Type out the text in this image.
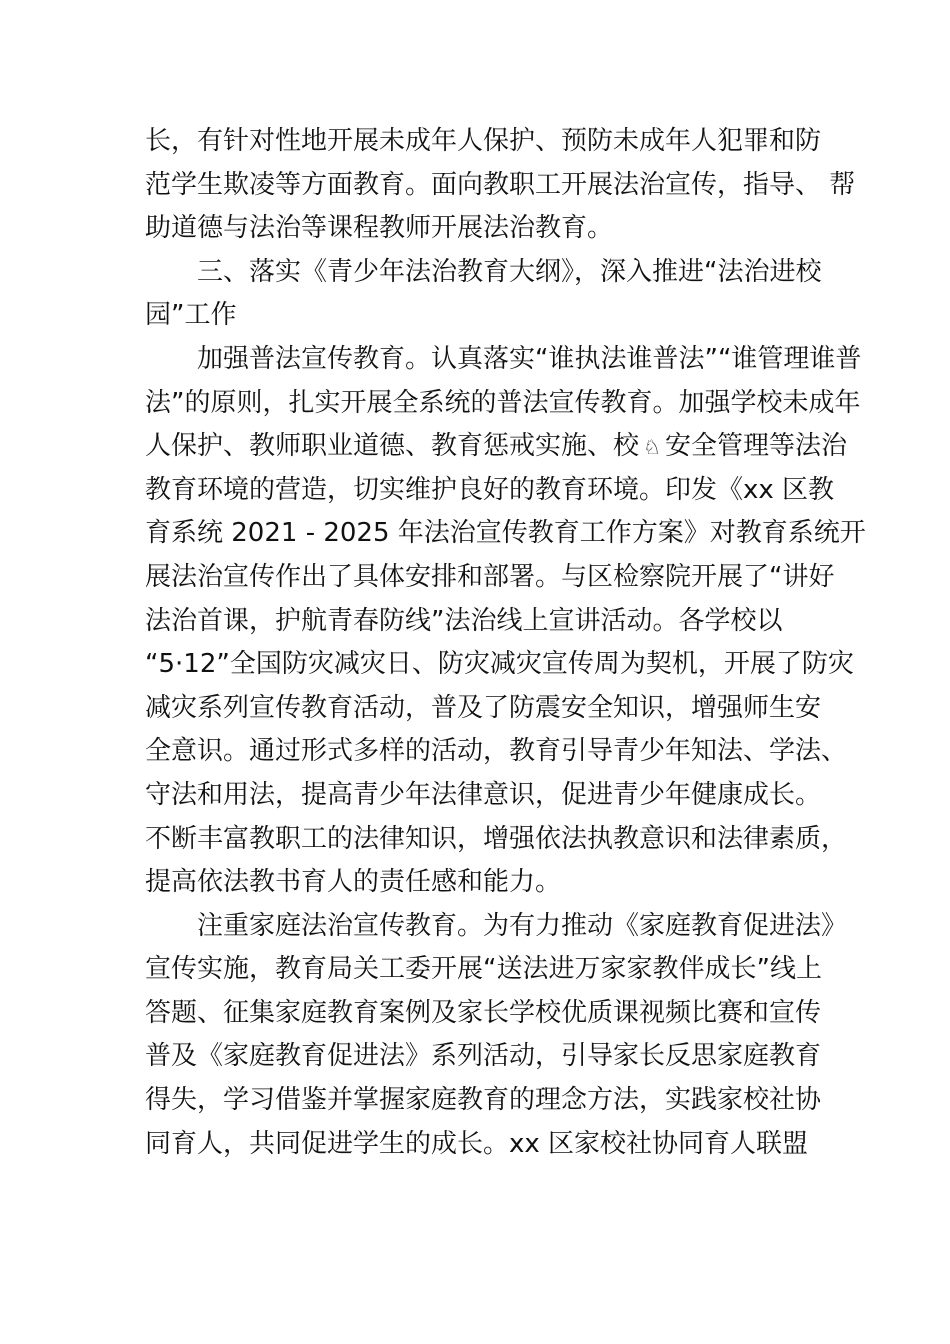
长，有针对性地开展未成年人保护、预防未成年人犯罪和防
范学生欺凌等方面教育。面向教职工开展法治宣传，指导、 帮
助道德与法治等课程教师开展法治教育。
三、落实《青少年法治教育大纲》，深入推进“法治进校
园”工作
加强普法宣传教育。认真落实“谁执法谁普法”“谁管理谁普
法”的原则，扎实开展全系统的普法宣传教育。加强学校未成年
人保护、教师职业道德、教育惩戒实施、校 ♘ 安全管理等法治
教育环境的营造，切实维护良好的教育环境。印发《xx 区教
育系统 2021 - 2025 年法治宣传教育工作方案》对教育系统开
展法治宣传作出了具体安排和部署。与区检察院开展了“讲好
法治首课，护航青春防线”法治线上宣讲活动。各学校以
“5·12”全国防灾减灾日、防灾减灾宣传周为契机，开展了防灾
减灾系列宣传教育活动，普及了防震安全知识，增强师生安
全意识。通过形式多样的活动，教育引导青少年知法、学法、
守法和用法，提高青少年法律意识，促进青少年健康成长。
不断丰富教职工的法律知识，增强依法执教意识和法律素质，
提高依法教书育人的责任感和能力。
注重家庭法治宣传教育。为有力推动《家庭教育促进法》
宣传实施，教育局关工委开展“送法进万家家教伴成长”线上
答题、征集家庭教育案例及家长学校优质课视频比赛和宣传
普及《家庭教育促进法》系列活动，引导家长反思家庭教育
得失，学习借鉴并掌握家庭教育的理念方法，实践家校社协
同育人，共同促进学生的成长。xx 区家校社协同育人联盟
